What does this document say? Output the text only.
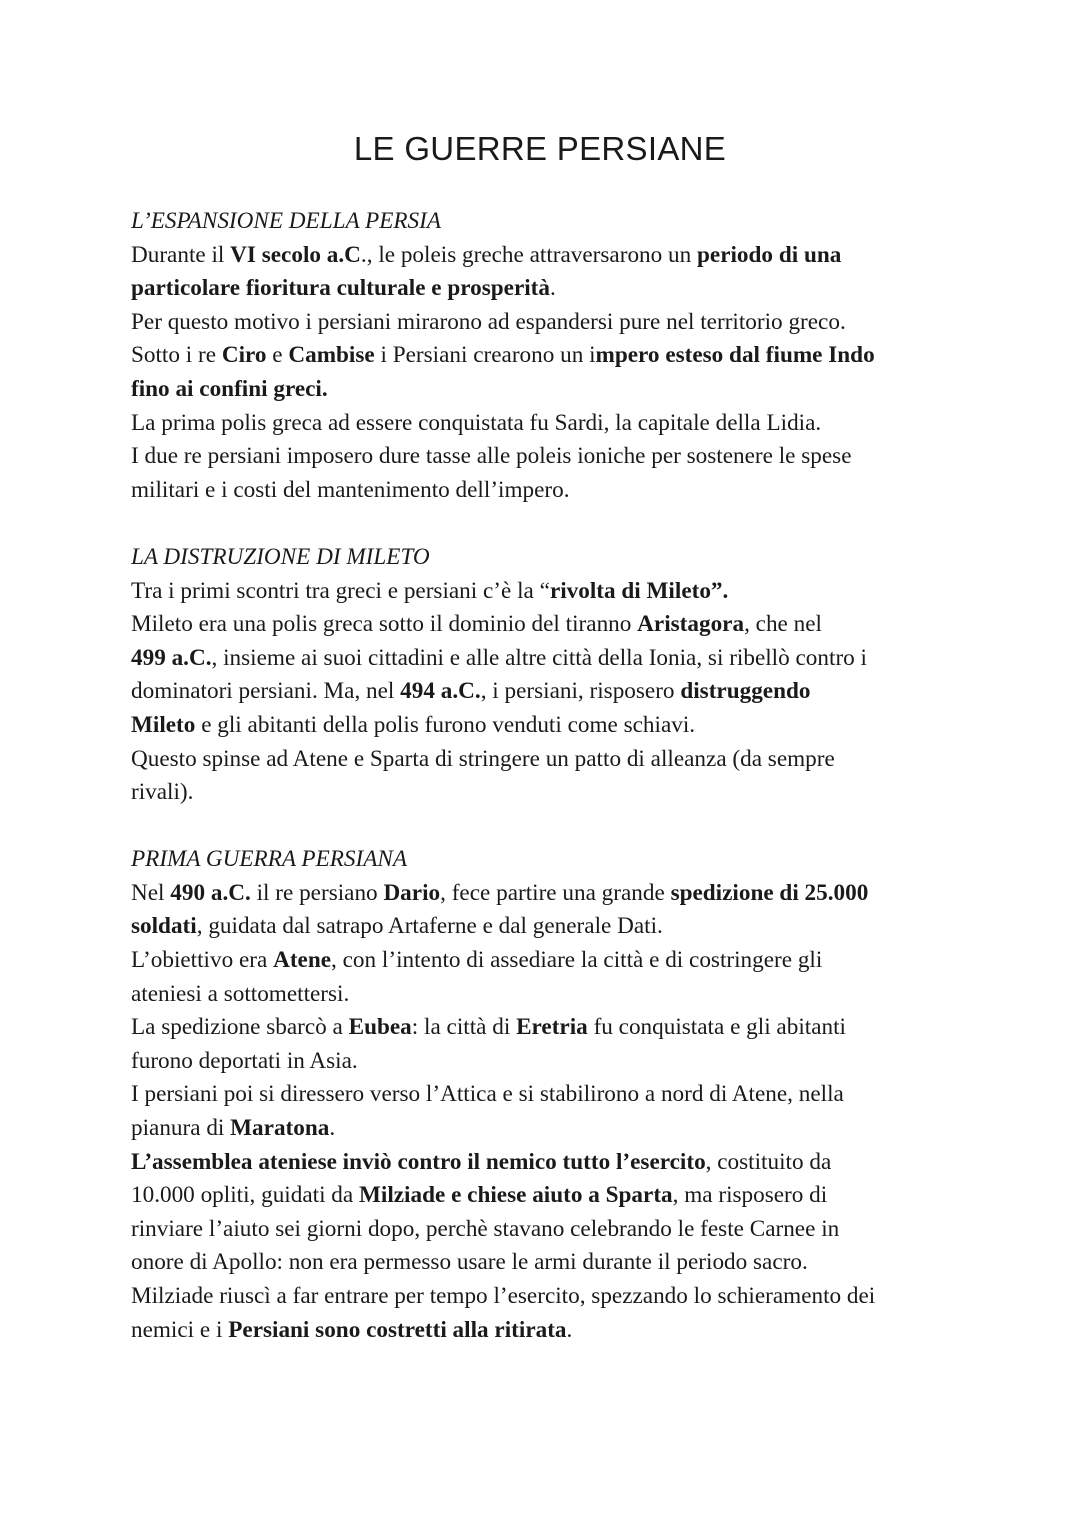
LE GUERRE PERSIANE

L’ESPANSIONE DELLA PERSIA

Durante il VI secolo a.C., le poleis greche attraversarono un periodo di una

particolare fioritura culturale e prosperità.

Per questo motivo i persiani mirarono ad espandersi pure nel territorio greco.

Sotto i re Ciro e Cambise i Persiani crearono un impero esteso dal fiume Indo

fino ai confini greci.

La prima polis greca ad essere conquistata fu Sardi, la capitale della Lidia.

I due re persiani imposero dure tasse alle poleis ioniche per sostenere le spese

militari e i costi del mantenimento dell’impero.

LA DISTRUZIONE DI MILETO

Tra i primi scontri tra greci e persiani c’è la “rivolta di Mileto”.

Mileto era una polis greca sotto il dominio del tiranno Aristagora, che nel

499 a.C., insieme ai suoi cittadini e alle altre città della Ionia, si ribellò contro i

dominatori persiani. Ma, nel 494 a.C., i persiani, risposero distruggendo

Mileto e gli abitanti della polis furono venduti come schiavi.

Questo spinse ad Atene e Sparta di stringere un patto di alleanza (da sempre

rivali).

PRIMA GUERRA PERSIANA

Nel 490 a.C. il re persiano Dario, fece partire una grande spedizione di 25.000

soldati, guidata dal satrapo Artaferne e dal generale Dati.

L’obiettivo era Atene, con l’intento di assediare la città e di costringere gli

ateniesi a sottomettersi.

La spedizione sbarcò a Eubea: la città di Eretria fu conquistata e gli abitanti

furono deportati in Asia.

I persiani poi si diressero verso l’Attica e si stabilirono a nord di Atene, nella

pianura di Maratona.

L’assemblea ateniese inviò contro il nemico tutto l’esercito, costituito da

10.000 opliti, guidati da Milziade e chiese aiuto a Sparta, ma risposero di

rinviare l’aiuto sei giorni dopo, perchè stavano celebrando le feste Carnee in

onore di Apollo: non era permesso usare le armi durante il periodo sacro.

Milziade riuscì a far entrare per tempo l’esercito, spezzando lo schieramento dei

nemici e i Persiani sono costretti alla ritirata.
